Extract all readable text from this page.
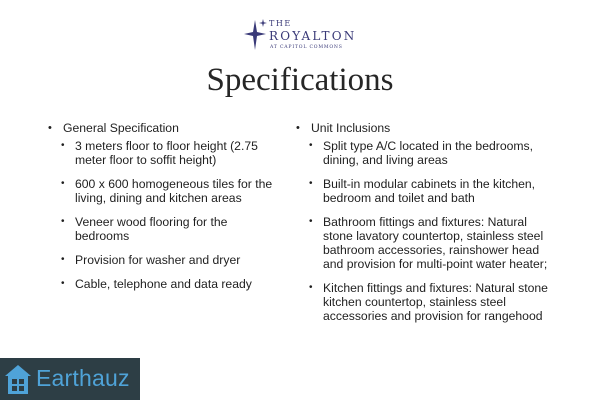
THE
ROYALTON
AT CAPITOL COMMONS
Specifications
• General Specification
• 3 meters floor to floor height (2.75 meter floor to soffit height)
• 600 x 600 homogeneous tiles for the living, dining and kitchen areas
• Veneer wood flooring for the bedrooms
• Provision for washer and dryer
• Cable, telephone and data ready
• Unit Inclusions
• Split type A/C located in the bedrooms, dining, and living areas
• Built-in modular cabinets in the kitchen, bedroom and toilet and bath
• Bathroom fittings and fixtures: Natural stone lavatory countertop, stainless steel bathroom accessories, rainshower head and provision for multi-point water heater;
• Kitchen fittings and fixtures: Natural stone kitchen countertop, stainless steel accessories and provision for rangehood
Earthauz
